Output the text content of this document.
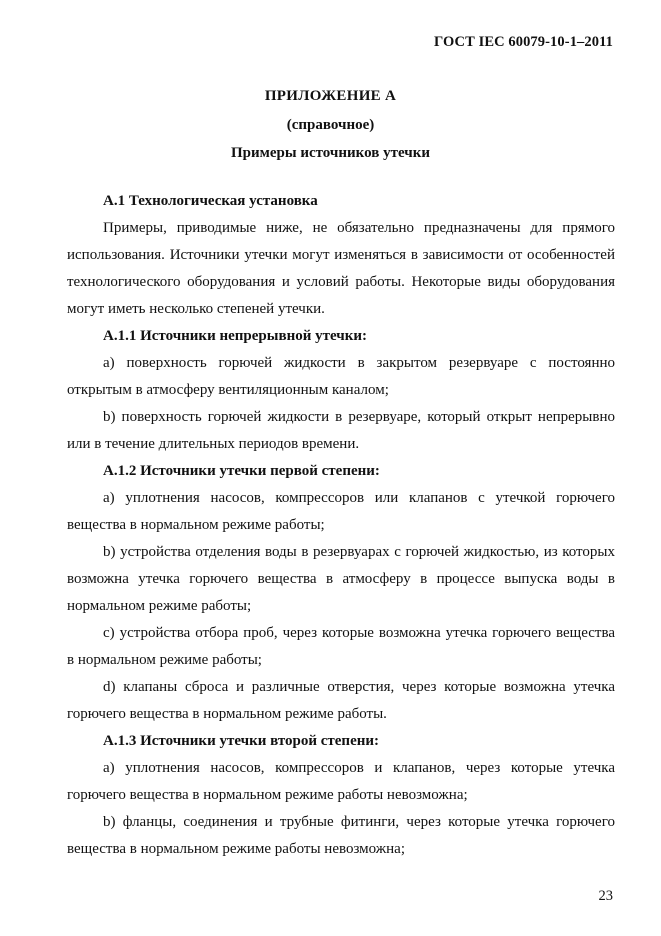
ГОСТ IEC 60079-10-1–2011
ПРИЛОЖЕНИЕ А
(справочное)
Примеры источников утечки

А.1 Технологическая установка

Примеры, приводимые ниже, не обязательно предназначены для прямого использования. Источники утечки могут изменяться в зависимости от особенностей технологического оборудования и условий работы. Некоторые виды оборудования могут иметь несколько степеней утечки.

А.1.1 Источники непрерывной утечки:

a) поверхность горючей жидкости в закрытом резервуаре с постоянно открытым в атмосферу вентиляционным каналом;

b) поверхность горючей жидкости в резервуаре, который открыт непрерывно или в течение длительных периодов времени.

А.1.2 Источники утечки первой степени:

a) уплотнения насосов, компрессоров или клапанов с утечкой горючего вещества в нормальном режиме работы;

b) устройства отделения воды в резервуарах с горючей жидкостью, из которых возможна утечка горючего вещества в атмосферу в процессе выпуска воды в нормальном режиме работы;

c) устройства отбора проб, через которые возможна утечка горючего вещества в нормальном режиме работы;

d) клапаны сброса и различные отверстия, через которые возможна утечка горючего вещества в нормальном режиме работы.

А.1.3 Источники утечки второй степени:

a) уплотнения насосов, компрессоров и клапанов, через которые утечка горючего вещества в нормальном режиме работы невозможна;

b) фланцы, соединения и трубные фитинги, через которые утечка горючего вещества в нормальном режиме работы невозможна;

23
